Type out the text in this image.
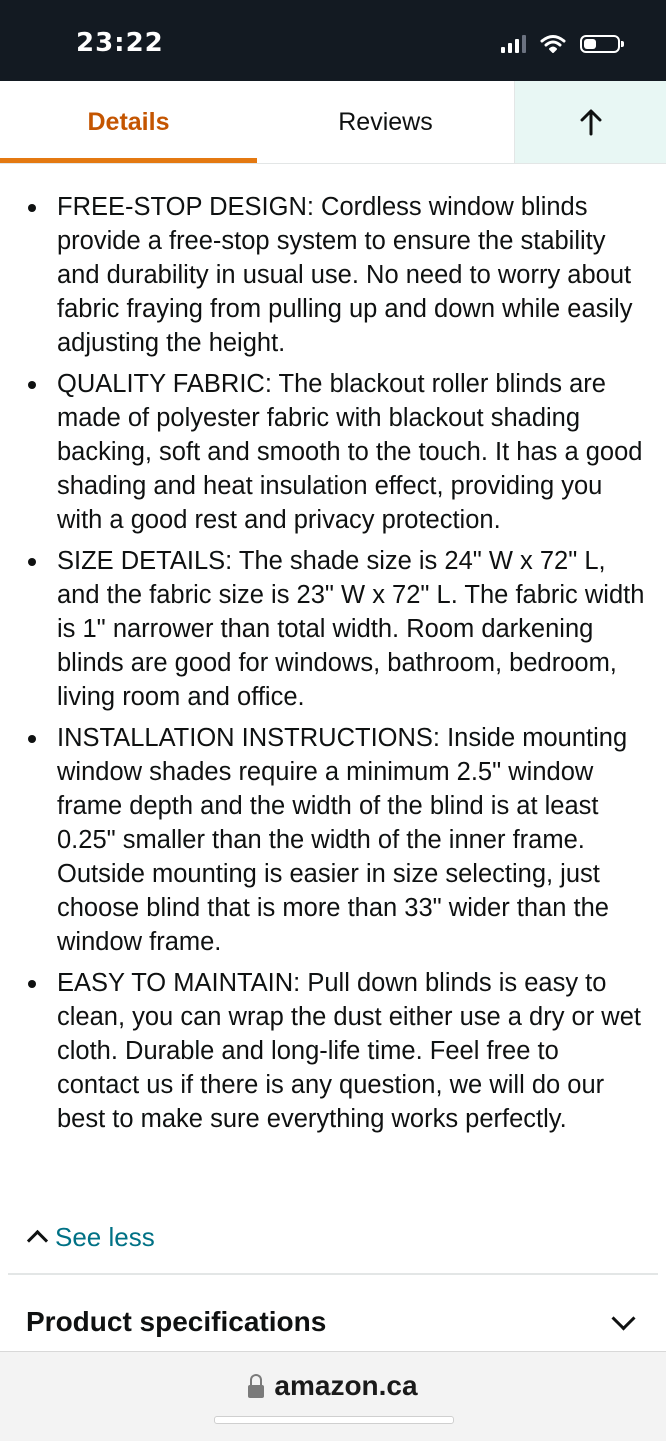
23:22
Details	Reviews
FREE-STOP DESIGN: Cordless window blinds provide a free-stop system to ensure the stability and durability in usual use. No need to worry about fabric fraying from pulling up and down while easily adjusting the height.
QUALITY FABRIC: The blackout roller blinds are made of polyester fabric with blackout shading backing, soft and smooth to the touch. It has a good shading and heat insulation effect, providing you with a good rest and privacy protection.
SIZE DETAILS: The shade size is 24" W x 72" L, and the fabric size is 23" W x 72" L. The fabric width is 1" narrower than total width. Room darkening blinds are good for windows, bathroom, bedroom, living room and office.
INSTALLATION INSTRUCTIONS: Inside mounting window shades require a minimum 2.5" window frame depth and the width of the blind is at least 0.25" smaller than the width of the inner frame. Outside mounting is easier in size selecting, just choose blind that is more than 33" wider than the window frame.
EASY TO MAINTAIN: Pull down blinds is easy to clean, you can wrap the dust either use a dry or wet cloth. Durable and long-life time. Feel free to contact us if there is any question, we will do our best to make sure everything works perfectly.
See less
Product specifications
amazon.ca
